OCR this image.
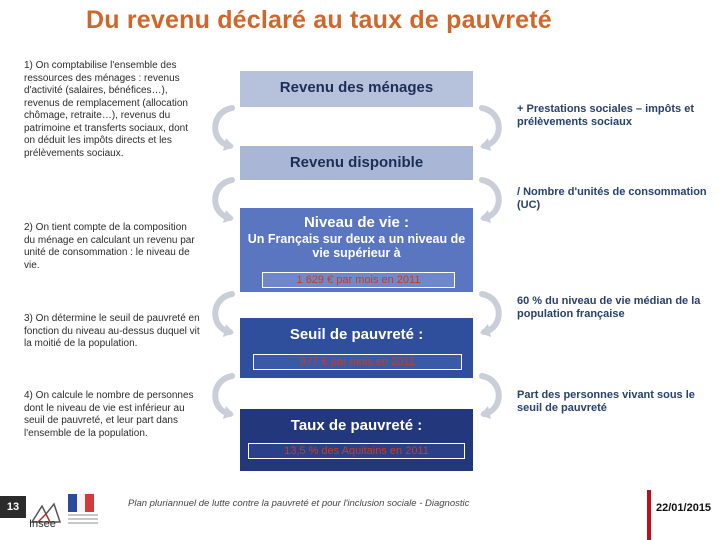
Du revenu déclaré au taux de pauvreté
1) On comptabilise l'ensemble des ressources des ménages : revenus d'activité (salaires, bénéfices…), revenus de remplacement (allocation chômage, retraite…), revenus du patrimoine et transferts sociaux, dont on déduit les impôts directs et les prélèvements sociaux.
2) On tient compte de la composition du ménage en calculant un revenu par unité de consommation : le niveau de vie.
3) On détermine le seuil de pauvreté en fonction du niveau au-dessus duquel vit la moitié de la population.
4) On calcule le nombre de personnes dont le niveau de vie est inférieur au seuil de pauvreté, et leur part dans l'ensemble de la population.
Revenu des ménages
Revenu disponible
Niveau de vie :
Un Français sur deux a un niveau de vie supérieur à
1 629 € par mois en 2011
Seuil de pauvreté :
977 € par mois en 2011
Taux de pauvreté :
13,5 % des Aquitains en 2011
+ Prestations sociales – impôts et prélèvements sociaux
/ Nombre d'unités de consommation (UC)
60 % du niveau de vie médian de la population française
Part des personnes vivant sous le seuil de pauvreté
13
Insee
Plan pluriannuel de lutte contre la pauvreté et pour l'inclusion sociale - Diagnostic	22/01/2015
